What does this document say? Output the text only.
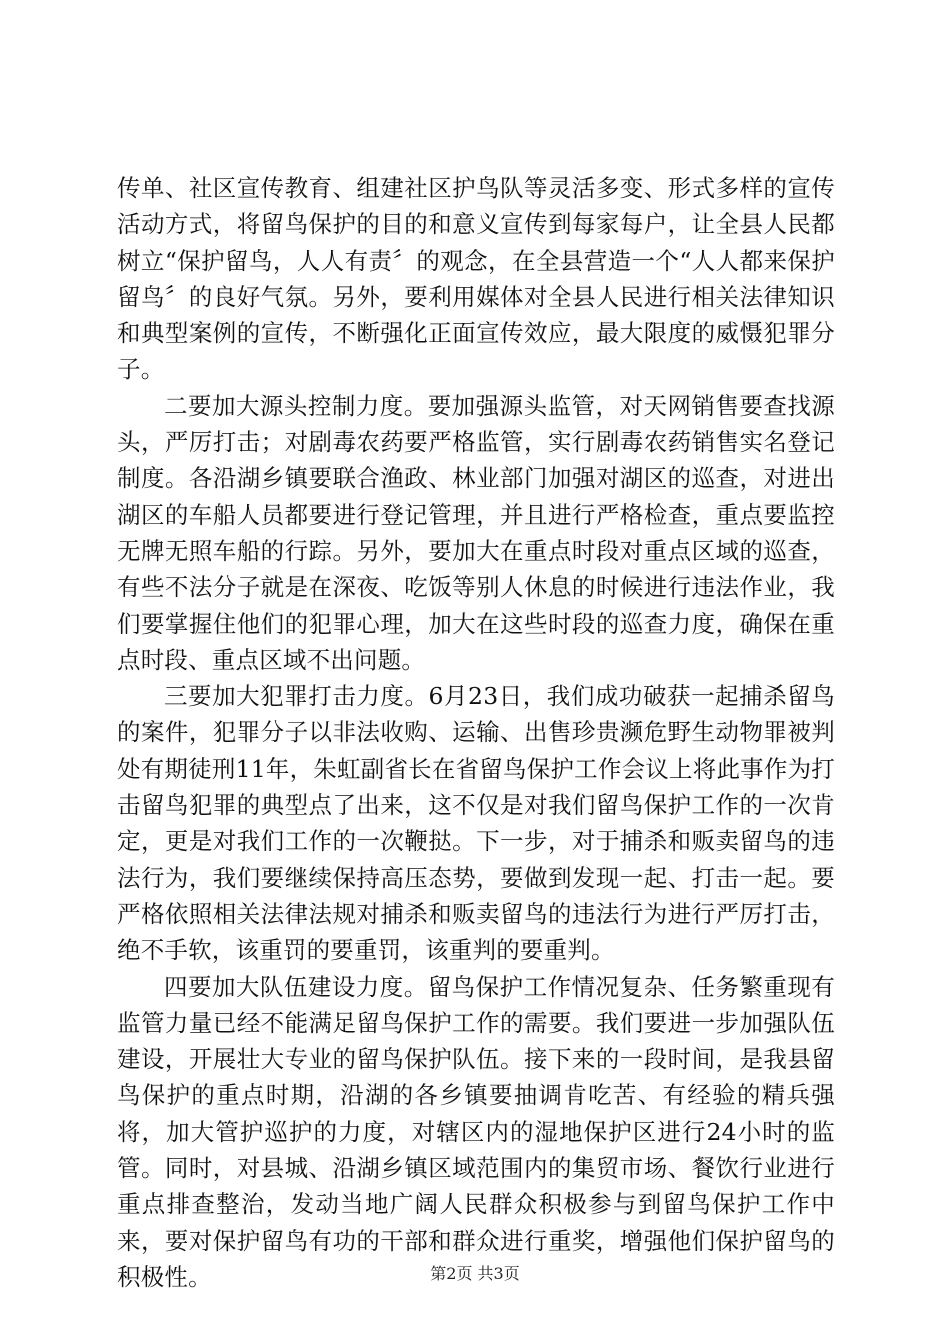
传单、社区宣传教育、组建社区护鸟队等灵活多变、形式多样的宣传活动方式，将留鸟保护的目的和意义宣传到每家每户，让全县人民都树立“保护留鸟，人人有责〞的观念，在全县营造一个“人人都来保护留鸟〞的良好气氛。另外，要利用媒体对全县人民进行相关法律知识和典型案例的宣传，不断强化正面宣传效应，最大限度的威慑犯罪分子。

二要加大源头控制力度。要加强源头监管，对天网销售要查找源头，严厉打击；对剧毒农药要严格监管，实行剧毒农药销售实名登记制度。各沿湖乡镇要联合渔政、林业部门加强对湖区的巡查，对进出湖区的车船人员都要进行登记管理，并且进行严格检查，重点要监控无牌无照车船的行踪。另外，要加大在重点时段对重点区域的巡查，有些不法分子就是在深夜、吃饭等别人休息的时候进行违法作业，我们要掌握住他们的犯罪心理，加大在这些时段的巡查力度，确保在重点时段、重点区域不出问题。

三要加大犯罪打击力度。6月23日，我们成功破获一起捕杀留鸟的案件，犯罪分子以非法收购、运输、出售珍贵濒危野生动物罪被判处有期徒刑11年，朱虹副省长在省留鸟保护工作会议上将此事作为打击留鸟犯罪的典型点了出来，这不仅是对我们留鸟保护工作的一次肯定，更是对我们工作的一次鞭挞。下一步，对于捕杀和贩卖留鸟的违法行为，我们要继续保持高压态势，要做到发现一起、打击一起。要严格依照相关法律法规对捕杀和贩卖留鸟的违法行为进行严厉打击，绝不手软，该重罚的要重罚，该重判的要重判。

四要加大队伍建设力度。留鸟保护工作情况复杂、任务繁重现有监管力量已经不能满足留鸟保护工作的需要。我们要进一步加强队伍建设，开展壮大专业的留鸟保护队伍。接下来的一段时间，是我县留鸟保护的重点时期，沿湖的各乡镇要抽调肯吃苦、有经验的精兵强将，加大管护巡护的力度，对辖区内的湿地保护区进行24小时的监管。同时，对县城、沿湖乡镇区域范围内的集贸市场、餐饮行业进行重点排查整治，发动当地广阔人民群众积极参与到留鸟保护工作中来，要对保护留鸟有功的干部和群众进行重奖，增强他们保护留鸟的积极性。	第2页 共3页
